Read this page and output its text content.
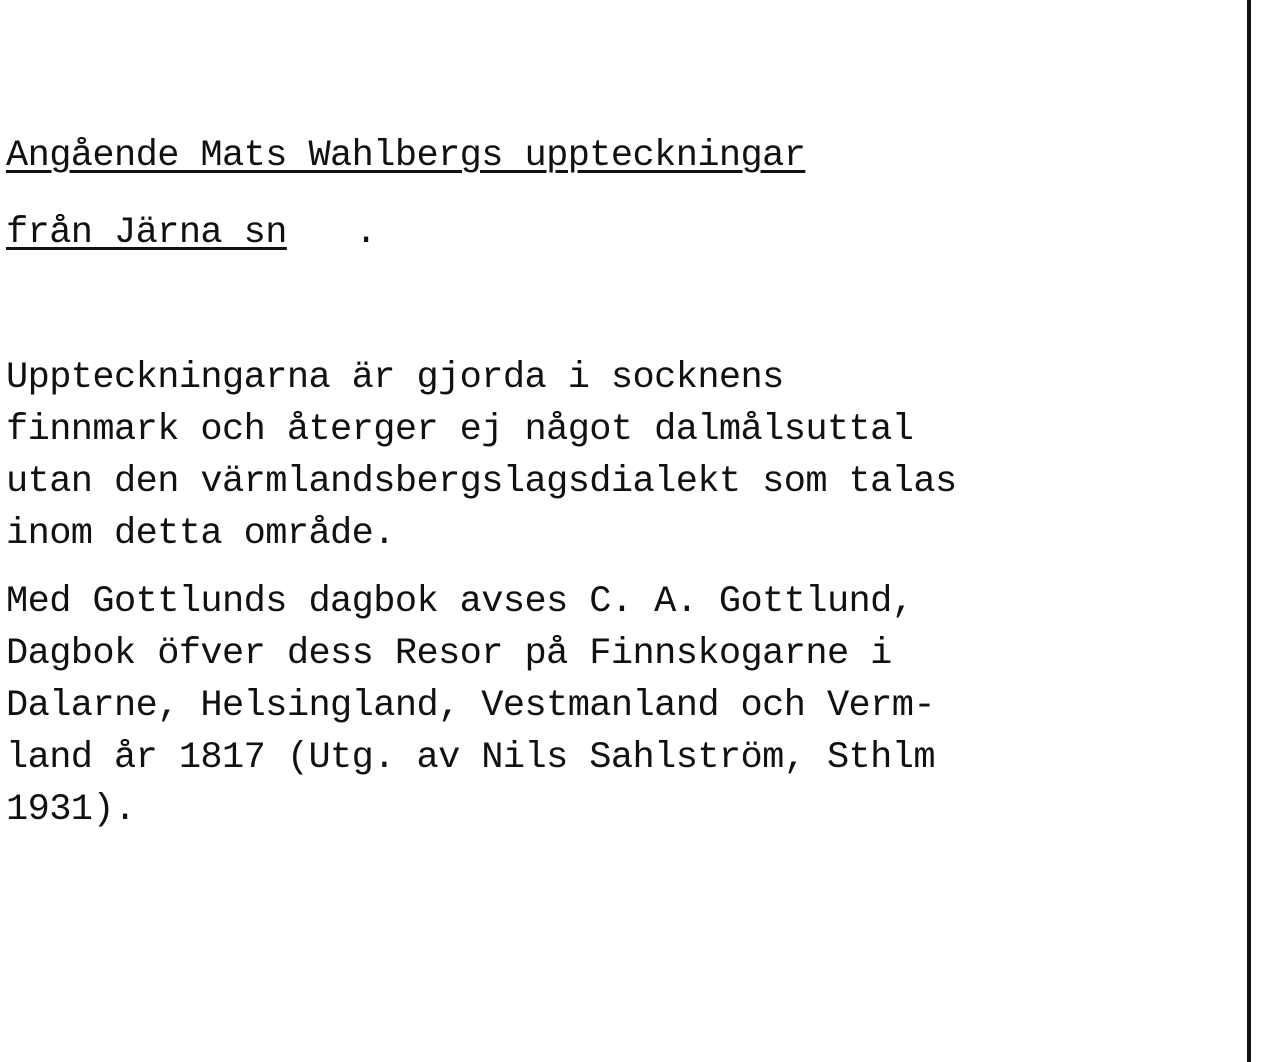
Angående Mats Wahlbergs uppteckningar
från Järna sn .

Uppteckningarna är gjorda i socknens
finnmark och återger ej något dalmålsuttal
utan den värmlandsbergslagsdialekt som talas
inom detta område.

Med Gottlunds dagbok avses C. A. Gottlund,
Dagbok öfver dess Resor på Finnskogarne i
Dalarne, Helsingland, Vestmanland och Verm-
land år 1817 (Utg. av Nils Sahlström, Sthlm
1931).
